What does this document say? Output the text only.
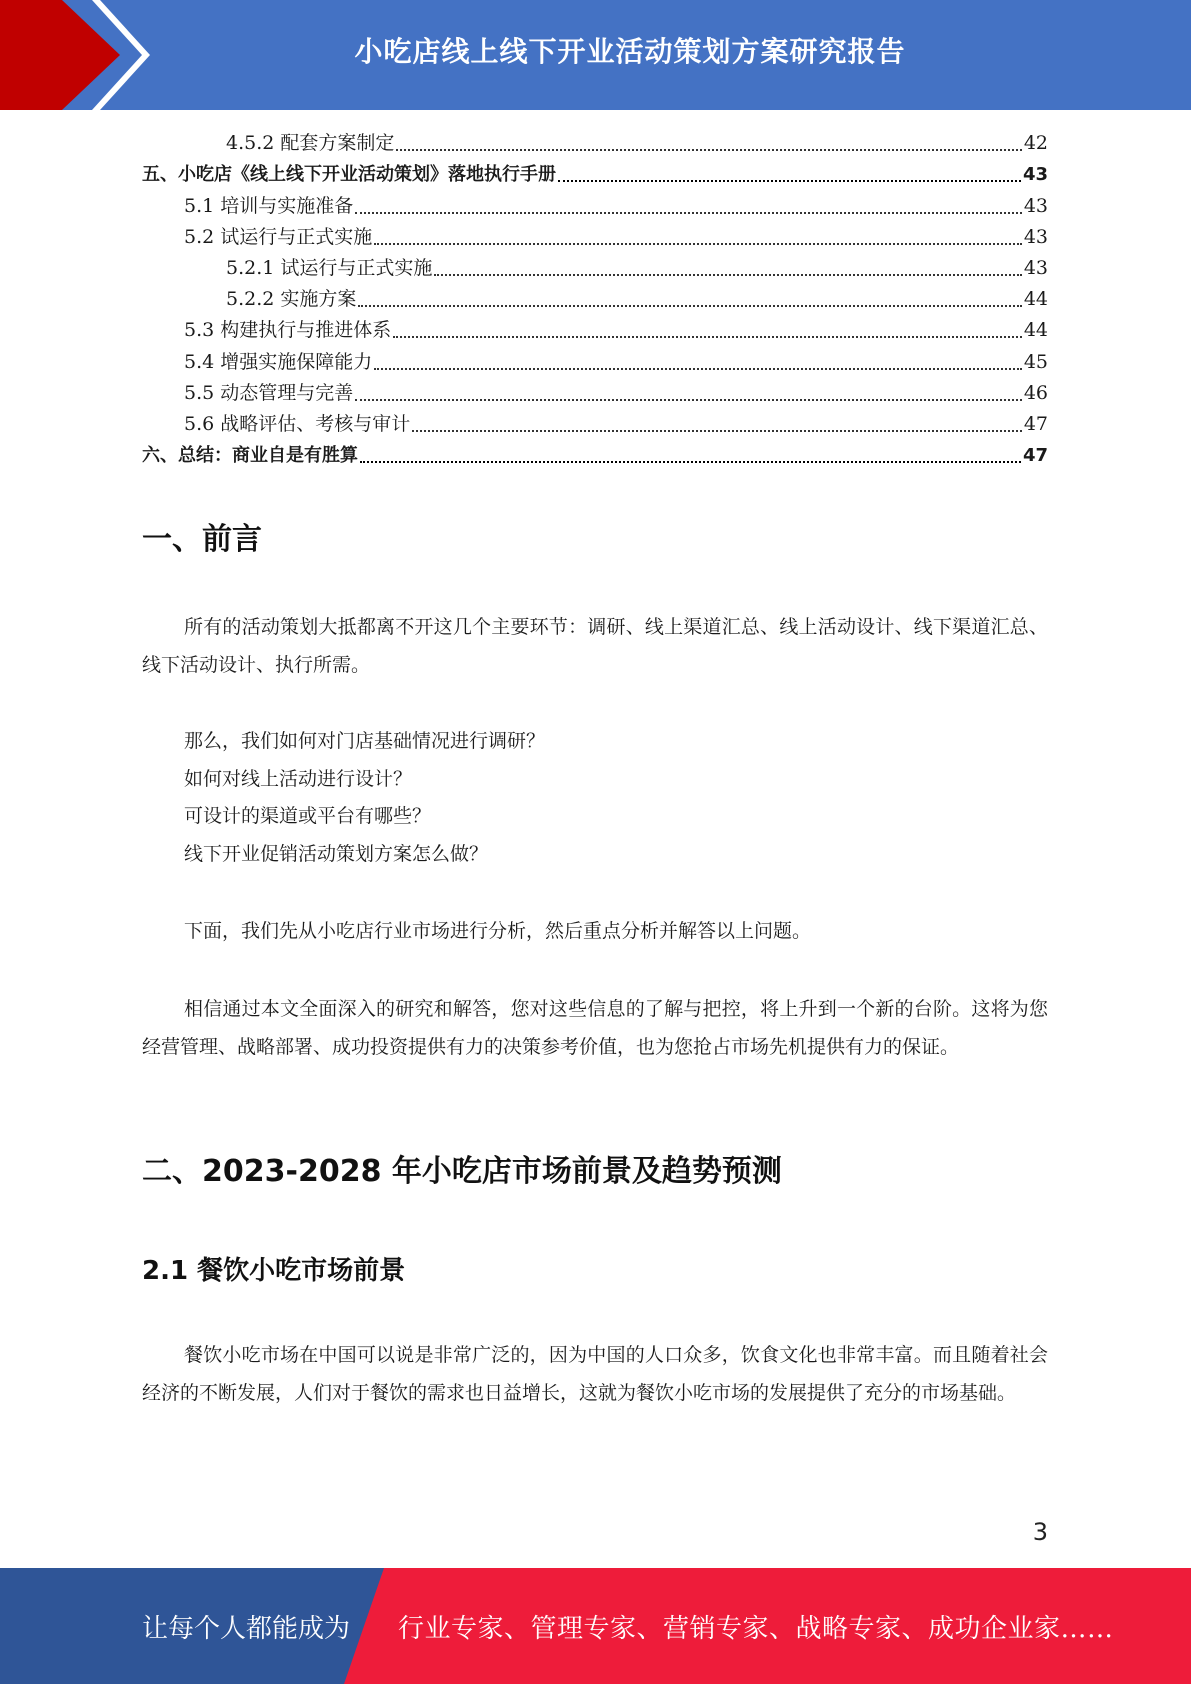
小吃店线上线下开业活动策划方案研究报告
4.5.2 配套方案制定	42
五、小吃店《线上线下开业活动策划》落地执行手册	43
5.1 培训与实施准备	43
5.2 试运行与正式实施	43
5.2.1 试运行与正式实施	43
5.2.2 实施方案	44
5.3 构建执行与推进体系	44
5.4 增强实施保障能力	45
5.5 动态管理与完善	46
5.6 战略评估、考核与审计	47
六、总结：商业自是有胜算	47
一、前言
所有的活动策划大抵都离不开这几个主要环节：调研、线上渠道汇总、线上活动设计、线下渠道汇总、线下活动设计、执行所需。
那么，我们如何对门店基础情况进行调研？
如何对线上活动进行设计？
可设计的渠道或平台有哪些？
线下开业促销活动策划方案怎么做？
下面，我们先从小吃店行业市场进行分析，然后重点分析并解答以上问题。
相信通过本文全面深入的研究和解答，您对这些信息的了解与把控，将上升到一个新的台阶。这将为您经营管理、战略部署、成功投资提供有力的决策参考价值，也为您抢占市场先机提供有力的保证。
二、2023-2028 年小吃店市场前景及趋势预测
2.1 餐饮小吃市场前景
餐饮小吃市场在中国可以说是非常广泛的，因为中国的人口众多，饮食文化也非常丰富。而且随着社会经济的不断发展，人们对于餐饮的需求也日益增长，这就为餐饮小吃市场的发展提供了充分的市场基础。
3
让每个人都能成为 行业专家、管理专家、营销专家、战略专家、成功企业家……
